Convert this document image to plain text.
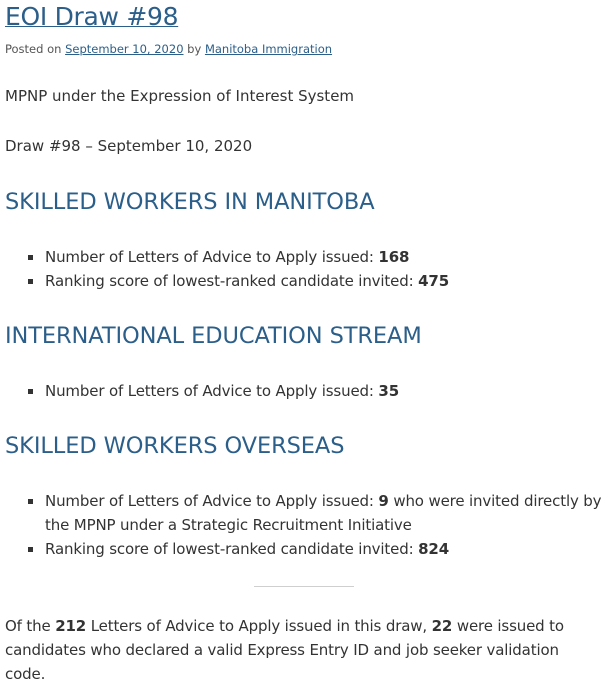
EOI Draw #98
Posted on September 10, 2020 by Manitoba Immigration

MPNP under the Expression of Interest System

Draw #98 – September 10, 2020

SKILLED WORKERS IN MANITOBA
Number of Letters of Advice to Apply issued: 168
Ranking score of lowest-ranked candidate invited: 475
INTERNATIONAL EDUCATION STREAM
Number of Letters of Advice to Apply issued: 35
SKILLED WORKERS OVERSEAS
Number of Letters of Advice to Apply issued: 9 who were invited directly by the MPNP under a Strategic Recruitment Initiative
Ranking score of lowest-ranked candidate invited: 824

Of the 212 Letters of Advice to Apply issued in this draw, 22 were issued to candidates who declared a valid Express Entry ID and job seeker validation code.
